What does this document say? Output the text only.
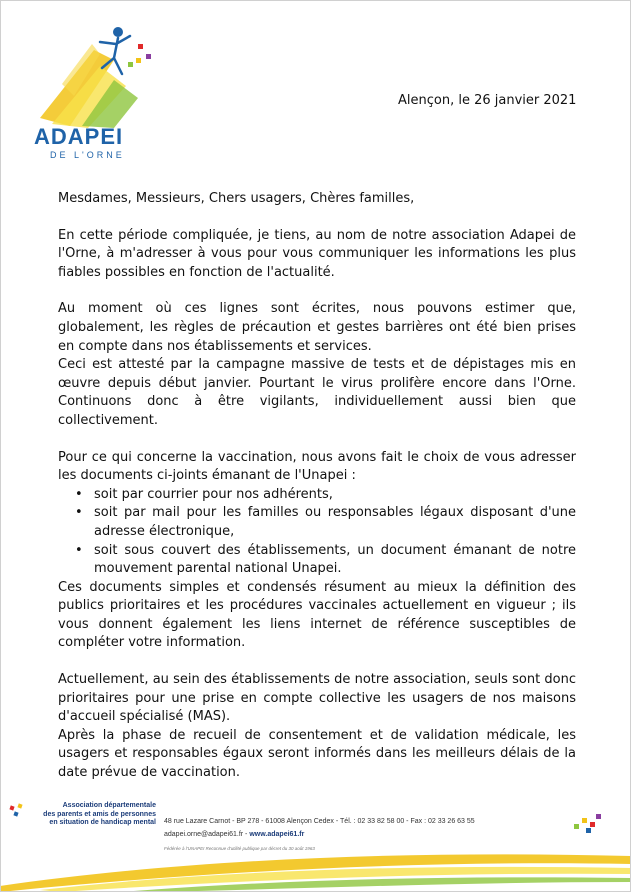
ADAPEI
DE L'ORNE
Alençon, le 26 janvier 2021

Mesdames, Messieurs, Chers usagers, Chères familles,

En cette période compliquée, je tiens, au nom de notre association Adapei de l'Orne, à m'adresser à vous pour vous communiquer les informations les plus fiables possibles en fonction de l'actualité.

Au moment où ces lignes sont écrites, nous pouvons estimer que, globalement, les règles de précaution et gestes barrières ont été bien prises en compte dans nos établissements et services.

Ceci est attesté par la campagne massive de tests et de dépistages mis en œuvre depuis début janvier. Pourtant le virus prolifère encore dans l'Orne. Continuons donc à être vigilants, individuellement aussi bien que collectivement.

Pour ce qui concerne la vaccination, nous avons fait le choix de vous adresser les documents ci-joints émanant de l'Unapei :

• soit par courrier pour nos adhérents,
• soit par mail pour les familles ou responsables légaux disposant d'une adresse électronique,
• soit sous couvert des établissements, un document émanant de notre mouvement parental national Unapei.

Ces documents simples et condensés résument au mieux la définition des publics prioritaires et les procédures vaccinales actuellement en vigueur ; ils vous donnent également les liens internet de référence susceptibles de compléter votre information.

Actuellement, au sein des établissements de notre association, seuls sont donc prioritaires pour une prise en compte collective les usagers de nos maisons d'accueil spécialisé (MAS).

Après la phase de recueil de consentement et de validation médicale, les usagers et responsables égaux seront informés dans les meilleurs délais de la date prévue de vaccination.

Association départementale
des parents et amis de personnes
en situation de handicap mental 48 rue Lazare Carnot - BP 278 - 61008 Alençon Cedex - Tél. : 02 33 82 58 00 - Fax : 02 33 26 63 55
adapei.orne@adapei61.fr - www.adapei61.fr
Fédérée à l'UNAPEI Reconnue d'utilité publique par décret du 30 août 1963
